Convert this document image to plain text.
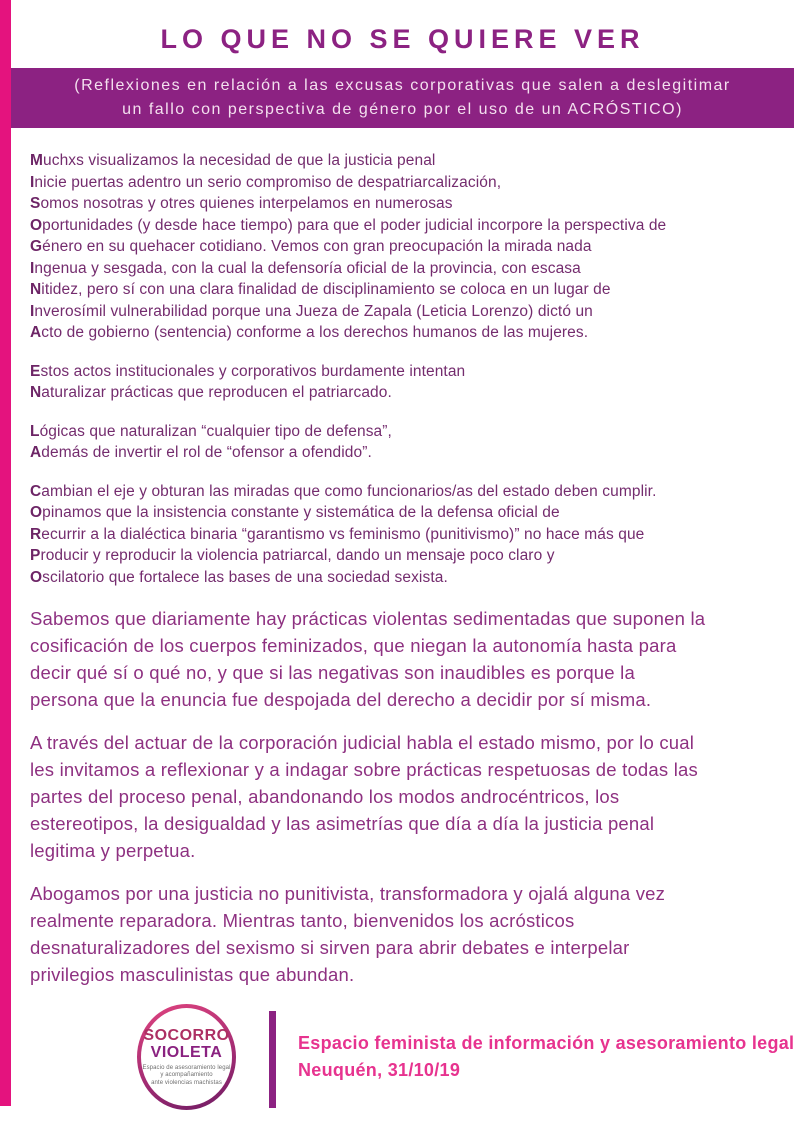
LO QUE NO SE QUIERE VER
(Reflexiones en relación a las excusas corporativas que salen a deslegitimar
un fallo con perspectiva de género por el uso de un ACRÓSTICO)

Muchxs visualizamos la necesidad de que la justicia penal
Inicie puertas adentro un serio compromiso de despatriarcalización,
Somos nosotras y otres quienes interpelamos en numerosas
Oportunidades (y desde hace tiempo) para que el poder judicial incorpore la perspectiva de
Género en su quehacer cotidiano. Vemos con gran preocupación la mirada nada
Ingenua y sesgada, con la cual la defensoría oficial de la provincia, con escasa
Nitidez, pero sí con una clara finalidad de disciplinamiento se coloca en un lugar de
Inverosímil vulnerabilidad porque una Jueza de Zapala (Leticia Lorenzo) dictó un
Acto de gobierno (sentencia) conforme a los derechos humanos de las mujeres.

Estos actos institucionales y corporativos burdamente intentan
Naturalizar prácticas que reproducen el patriarcado.

Lógicas que naturalizan “cualquier tipo de defensa”,
Además de invertir el rol de “ofensor a ofendido”.

Cambian el eje y obturan las miradas que como funcionarios/as del estado deben cumplir.
Opinamos que la insistencia constante y sistemática de la defensa oficial de
Recurrir a la dialéctica binaria “garantismo vs feminismo (punitivismo)” no hace más que
Producir y reproducir la violencia patriarcal, dando un mensaje poco claro y
Oscilatorio que fortalece las bases de una sociedad sexista.

Sabemos que diariamente hay prácticas violentas sedimentadas que suponen la
cosificación de los cuerpos feminizados, que niegan la autonomía hasta para
decir qué sí o qué no, y que si las negativas son inaudibles es porque la
persona que la enuncia fue despojada del derecho a decidir por sí misma.

A través del actuar de la corporación judicial habla el estado mismo, por lo cual
les invitamos a reflexionar y a indagar sobre prácticas respetuosas de todas las
partes del proceso penal, abandonando los modos androcéntricos, los
estereotipos, la desigualdad y las asimetrías que día a día la justicia penal
legitima y perpetua.

Abogamos por una justicia no punitivista, transformadora y ojalá alguna vez
realmente reparadora. Mientras tanto, bienvenidos los acrósticos
desnaturalizadores del sexismo si sirven para abrir debates e interpelar
privilegios masculinistas que abundan.

SOCORRO
VIOLETA
Espacio de asesoramiento legal
y acompañamiento
ante violencias machistas
Espacio feminista de información y asesoramiento legal
Neuquén, 31/10/19
